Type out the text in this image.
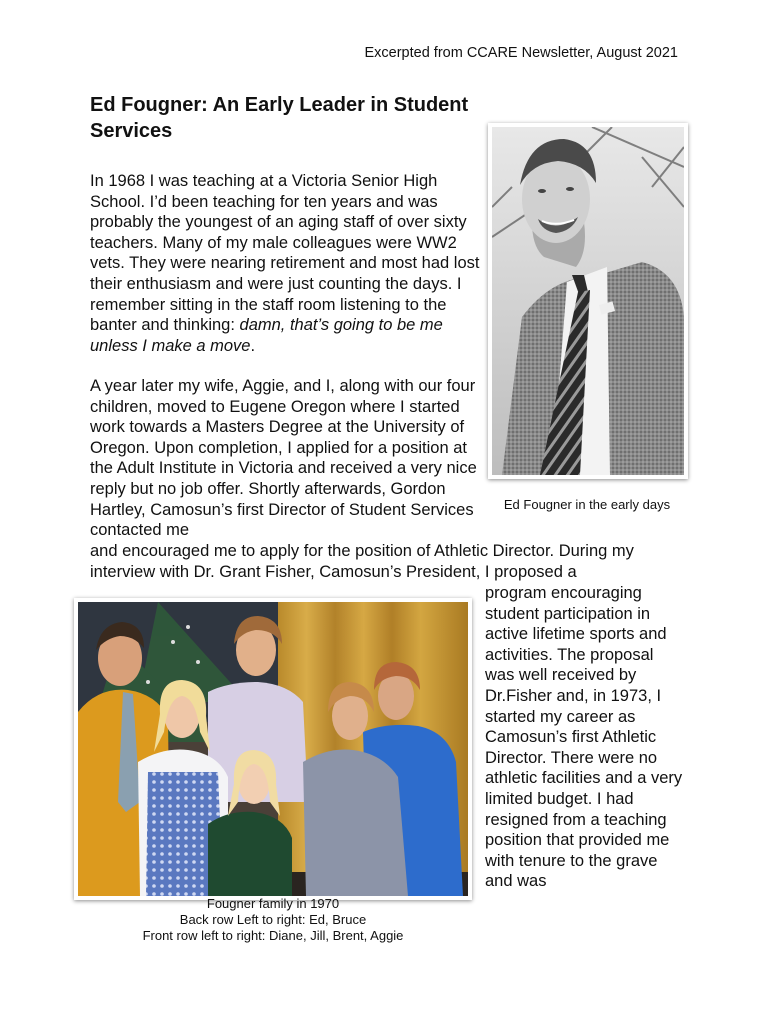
Excerpted from CCARE Newsletter, August 2021
Ed Fougner: An Early Leader in Student Services

In 1968 I was teaching at a Victoria Senior High School. I’d been teaching for ten years and was probably the youngest of an aging staff of over sixty teachers. Many of my male colleagues were WW2 vets. They were nearing retirement and most had lost their enthusiasm and were just counting the days. I remember sitting in the staff room listening to the banter and thinking: damn, that’s going to be me unless I make a move.

A year later my wife, Aggie, and I, along with our four children, moved to Eugene Oregon where I started work towards a Masters Degree at the University of Oregon. Upon completion, I applied for a position at the Adult Institute in Victoria and received a very nice reply but no job offer. Shortly afterwards, Gordon Hartley, Camosun’s first Director of Student Services contacted me

and encouraged me to apply for the position of Athletic Director. During my interview with Dr. Grant Fisher, Camosun’s President, I proposed a

program encouraging student participation in active lifetime sports and activities. The proposal was well received by Dr.Fisher and, in 1973, I started my career as Camosun’s first Athletic Director. There were no athletic facilities and a very limited budget. I had resigned from a teaching position that provided me with tenure to the grave and was

Ed Fougner in the early days
Fougner family in 1970
Back row Left to right: Ed, Bruce
Front row left to right: Diane, Jill, Brent, Aggie
